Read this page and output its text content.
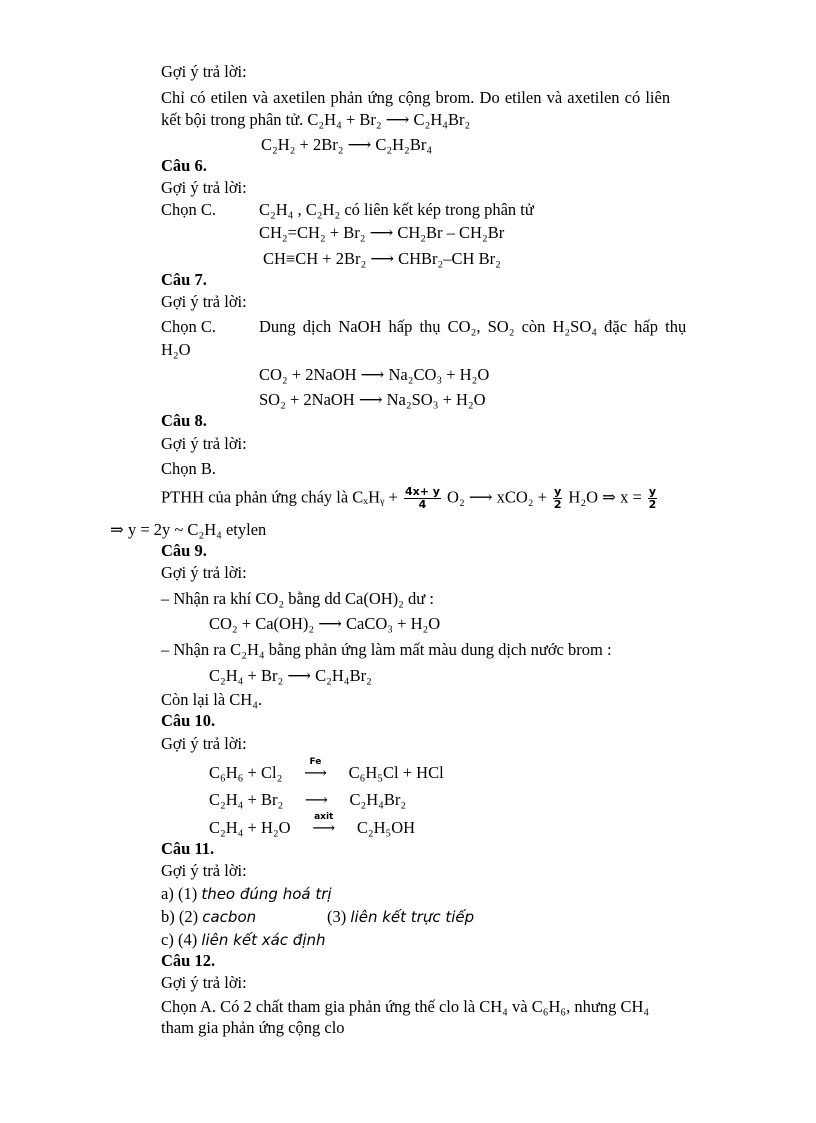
Gợi ý trả lời:
Chỉ có etilen và axetilen phản ứng cộng brom. Do etilen và axetilen có liên
kết bội trong phân tử. C₂H₄ + Br₂ ⟶ C₂H₄Br₂
C₂H₂ + 2Br₂ ⟶ C₂H₂Br₄
Câu 6.
Gợi ý trả lời:
Chọn C.	C₂H₄ , C₂H₂ có liên kết kép trong phân tử
CH₂=CH₂ + Br₂ ⟶ CH₂Br – CH₂Br
CH≡CH + 2Br₂ ⟶ CHBr₂–CH Br₂
Câu 7.
Gợi ý trả lời:
Chọn C.	Dung dịch NaOH hấp thụ CO₂, SO₂ còn H₂SO₄ đặc hấp thụ
H₂O
CO₂ + 2NaOH ⟶ Na₂CO₃ + H₂O
SO₂ + 2NaOH ⟶ Na₂SO₃ + H₂O
Câu 8.
Gợi ý trả lời:
Chọn B.
PTHH của phản ứng cháy là CₓHᵧ + $\frac{4x+ y}{4} O_2$ ⟶ $xCO_2 + \frac{y}{2} H_2O$ ⇒ $x = \frac{y}{2}$
⇒ y = 2y ~ C₂H₄ etylen
Câu 9.
Gợi ý trả lời:
– Nhận ra khí CO₂ bằng dd Ca(OH)₂ dư :
CO₂ + Ca(OH)₂ ⟶ CaCO₃ + H₂O
– Nhận ra C₂H₄ bằng phản ứng làm mất màu dung dịch nước brom :
C₂H₄ + Br₂ ⟶ C₂H₄Br₂
Còn lại là CH₄.
Câu 10.
Gợi ý trả lời:
C₆H₆ + Cl₂
Fe
⟶ C₆H₅Cl + HCl
C₂H₄ + Br₂ ⟶ C₂H₄Br₂
C₂H₄ + H₂O
axit
⟶ C₂H₅OH
Câu 11.
Gợi ý trả lời:
a) (1) theo đúng hoá trị
b) (2) cacbon	(3) liên kết trực tiếp
c) (4) liên kết xác định
Câu 12.
Gợi ý trả lời:
Chọn A. Có 2 chất tham gia phản ứng thế clo là CH₄ và C₆H₆, nhưng CH₄
tham gia phản ứng cộng clo
